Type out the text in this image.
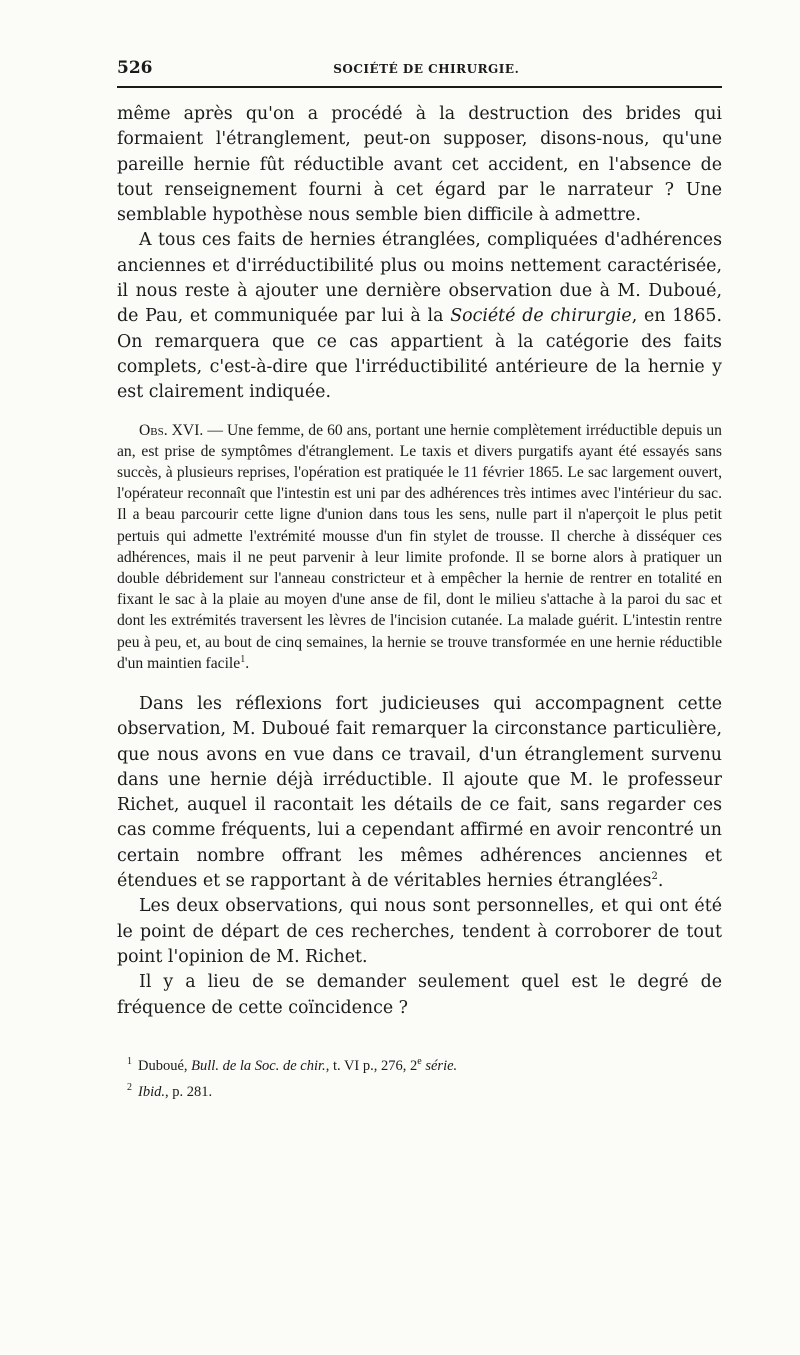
526	SOCIÉTÉ DE CHIRURGIE.

même après qu'on a procédé à la destruction des brides qui formaient l'étranglement, peut-on supposer, disons-nous, qu'une pareille hernie fût réductible avant cet accident, en l'absence de tout renseignement fourni à cet égard par le narrateur ? Une semblable hypothèse nous semble bien difficile à admettre.

A tous ces faits de hernies étranglées, compliquées d'adhérences anciennes et d'irréductibilité plus ou moins nettement caractérisée, il nous reste à ajouter une dernière observation due à M. Duboué, de Pau, et communiquée par lui à la Société de chirurgie, en 1865. On remarquera que ce cas appartient à la catégorie des faits complets, c'est-à-dire que l'irréductibilité antérieure de la hernie y est clairement indiquée.

Obs. XVI. — Une femme, de 60 ans, portant une hernie complètement irréductible depuis un an, est prise de symptômes d'étranglement. Le taxis et divers purgatifs ayant été essayés sans succès, à plusieurs reprises, l'opération est pratiquée le 11 février 1865. Le sac largement ouvert, l'opérateur reconnaît que l'intestin est uni par des adhérences très intimes avec l'intérieur du sac. Il a beau parcourir cette ligne d'union dans tous les sens, nulle part il n'aperçoit le plus petit pertuis qui admette l'extrémité mousse d'un fin stylet de trousse. Il cherche à disséquer ces adhérences, mais il ne peut parvenir à leur limite profonde. Il se borne alors à pratiquer un double débridement sur l'anneau constricteur et à empêcher la hernie de rentrer en totalité en fixant le sac à la plaie au moyen d'une anse de fil, dont le milieu s'attache à la paroi du sac et dont les extrémités traversent les lèvres de l'incision cutanée. La malade guérit. L'intestin rentre peu à peu, et, au bout de cinq semaines, la hernie se trouve transformée en une hernie réductible d'un maintien facile$^1$.

Dans les réflexions fort judicieuses qui accompagnent cette observation, M. Duboué fait remarquer la circonstance particulière, que nous avons en vue dans ce travail, d'un étranglement survenu dans une hernie déjà irréductible. Il ajoute que M. le professeur Richet, auquel il racontait les détails de ce fait, sans regarder ces cas comme fréquents, lui a cependant affirmé en avoir rencontré un certain nombre offrant les mêmes adhérences anciennes et étendues et se rapportant à de véritables hernies étranglées$^2$.

Les deux observations, qui nous sont personnelles, et qui ont été le point de départ de ces recherches, tendent à corroborer de tout point l'opinion de M. Richet.

Il y a lieu de se demander seulement quel est le degré de fréquence de cette coïncidence ?

$^1$ Duboué, Bull. de la Soc. de chir., t. VI p., 276, 2e série.
$^2$ Ibid., p. 281.
